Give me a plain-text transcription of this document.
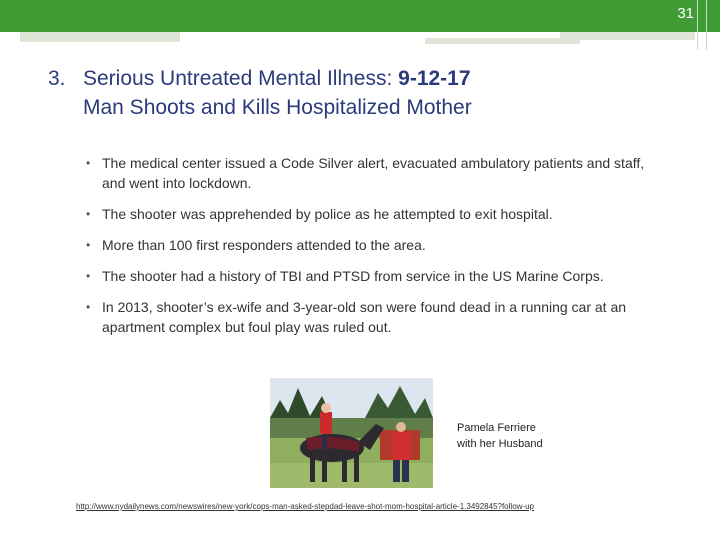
31
3. Serious Untreated Mental Illness: 9-12-17
Man Shoots and Kills Hospitalized Mother
• The medical center issued a Code Silver alert, evacuated ambulatory patients and staff, and went into lockdown.
• The shooter was apprehended by police as he attempted to exit hospital.
• More than 100 first responders attended to the area.
• The shooter had a history of TBI and PTSD from service in the US Marine Corps.
• In 2013, shooter’s ex-wife and 3-year-old son were found dead in a running car at an apartment complex but foul play was ruled out.
Pamela Ferriere
with her Husband
http://www.nydailynews.com/newswires/new-york/cops-man-asked-stepdad-leave-shot-mom-hospital-article-1.3492845?follow-up
